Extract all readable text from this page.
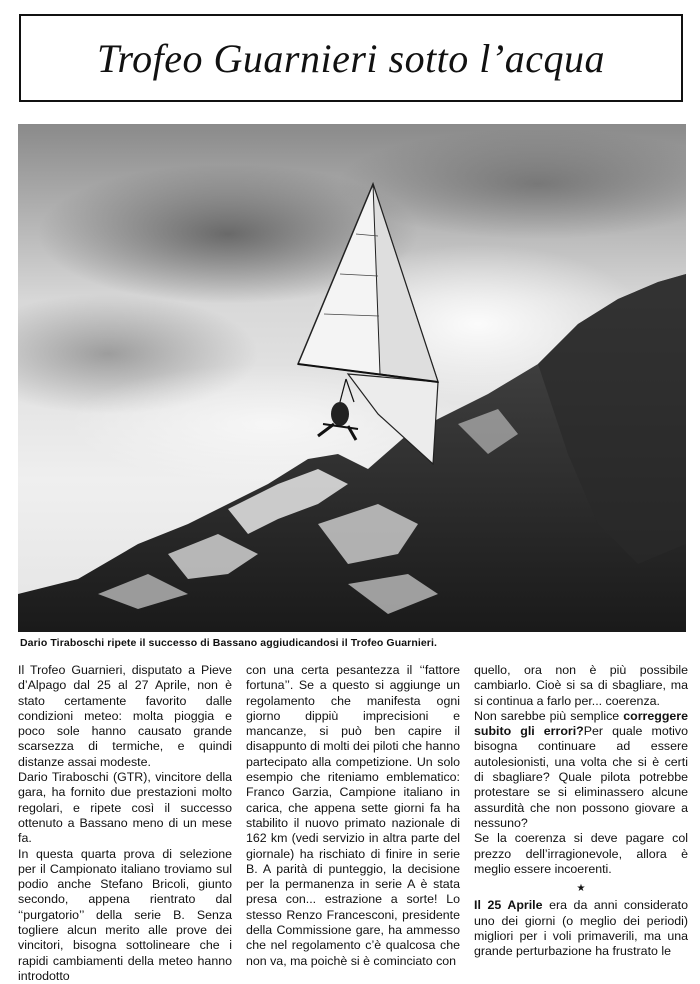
Trofeo Guarnieri sotto l’acqua
Dario Tiraboschi ripete il successo di Bassano aggiudicandosi il Trofeo Guarnieri.

Il Trofeo Guarnieri, disputato a Pieve d’Alpago dal 25 al 27 Aprile, non è stato certamente favorito dalle condizioni meteo: molta pioggia e poco sole hanno causato grande scarsezza di termiche, e quindi distanze assai modeste.

Dario Tiraboschi (GTR), vincitore della gara, ha fornito due prestazioni molto regolari, e ripete così il successo ottenuto a Bassano meno di un mese fa.

In questa quarta prova di selezione per il Campionato italiano troviamo sul podio anche Stefano Bricoli, giunto secondo, appena rientrato dal ‘‘purgatorio’’ della serie B. Senza togliere alcun merito alle prove dei vincitori, bisogna sottolineare che i rapidi cambiamenti della meteo hanno introdotto

con una certa pesantezza il ‘‘fattore fortuna’’. Se a questo si aggiunge un regolamento che manifesta ogni giorno dippiù imprecisioni e mancanze, si può ben capire il disappunto di molti dei piloti che hanno partecipato alla competizione. Un solo esempio che riteniamo emblematico: Franco Garzia, Campione italiano in carica, che appena sette giorni fa ha stabilito il nuovo primato nazionale di 162 km (vedi servizio in altra parte del giornale) ha rischiato di finire in serie B. A parità di punteggio, la decisione per la permanenza in serie A è stata presa con... estrazione a sorte! Lo stesso Renzo Francesconi, presidente della Commissione gare, ha ammesso che nel regolamento c’è qualcosa che non va, ma poichè si è cominciato con

quello, ora non è più possibile cambiarlo. Cioè si sa di sbagliare, ma si continua a farlo per... coerenza.

Non sarebbe più semplice correggere subito gli errori?Per quale motivo bisogna continuare ad essere autolesionisti, una volta che si è certi di sbagliare? Quale pilota potrebbe protestare se si eliminassero alcune assurdità che non possono giovare a nessuno?

Se la coerenza si deve pagare col prezzo dell’irragionevole, allora è meglio essere incoerenti.

★

Il 25 Aprile era da anni considerato uno dei giorni (o meglio dei periodi) migliori per i voli primaverili, ma una grande perturbazione ha frustrato le
